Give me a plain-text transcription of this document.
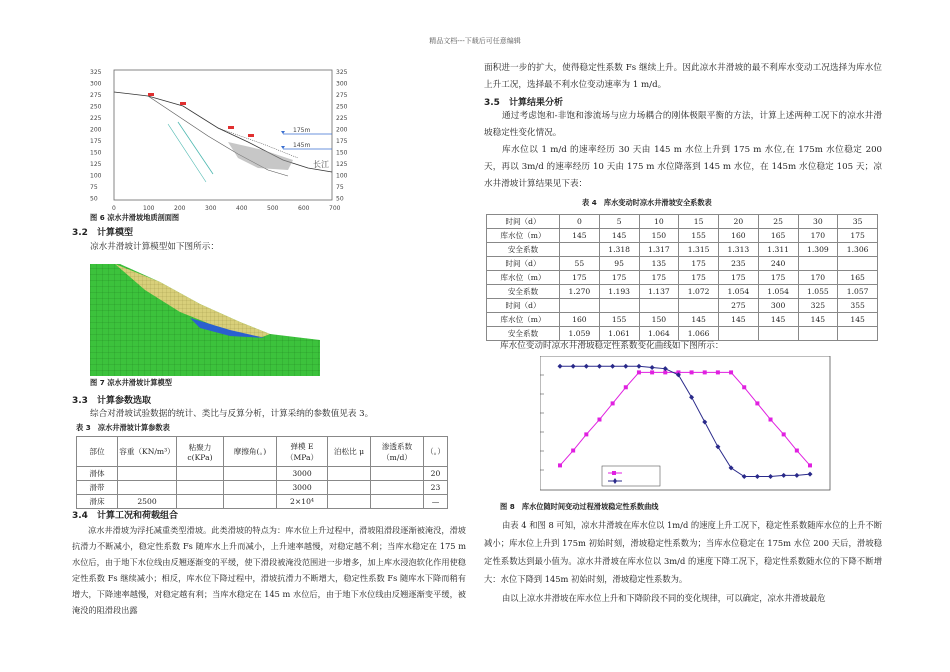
精品文档---下载后可任意编辑
325	325
300	300
275	275
250	250
225	225
200	200
175	175
150	150
125	125
100	100
75	75
50	50
0	100	200	300	400	500	600	700
175m
145m
长江
图 6 凉水井滑坡地质剖面图
3.2　计算模型
凉水井滑坡计算模型如下图所示：
图 7 凉水井滑坡计算模型
3.3　计算参数选取
综合对滑坡试验数据的统计、类比与反算分析，计算采纳的参数值见表 3。
表 3　凉水井滑坡计算参数表
部位	容重（KN/m³）	粘聚力 c(KPa)	摩擦角(。)	弹模 E（MPa）	泊松比 μ	渗透系数（m/d）	（。）
滑体				3000			20
滑带				3000			23
滑床	2500			2×10⁴			—
3.4　计算工况和荷载组合
凉水井滑坡为浮托减重类型滑坡。此类滑坡的特点为：库水位上升过程中，滑坡阻滑段逐渐被淹没，滑坡抗滑力不断减小，稳定性系数 Fs 随库水上升而减小，上升速率越慢，对稳定越不利；当库水稳定在 175 m 水位后，由于地下水位线由反翘逐渐变的平缓，使下滑段被淹没范围进一步增多，加上库水浸泡软化作用使稳定性系数 Fs 继续减小；相反，库水位下降过程中，滑坡抗滑力不断增大，稳定性系数 Fs 随库水下降而稍有增大，下降速率越慢，对稳定越有利；当库水稳定在 145 m 水位后，由于地下水位线由反翘逐渐变平缓，被淹没的阻滑段出露
面积进一步的扩大，使得稳定性系数 Fs 继续上升。因此凉水井滑坡的最不利库水变动工况选择为库水位上升工况，选择最不利水位变动速率为 1 m/d。
3.5　计算结果分析
通过考虑饱和-非饱和渗流场与应力场耦合的刚体极限平衡的方法，计算上述两种工况下的凉水井滑坡稳定性变化情况。
库水位以 1 m/d 的速率经历 30 天由 145 m 水位上升到 175 m 水位,在 175m 水位稳定 200 天，再以 3m/d 的速率经历 10 天由 175 m 水位降落到 145 m 水位，在 145m 水位稳定 105 天；凉水井滑坡计算结果见下表：
表 4　库水变动时凉水井滑坡安全系数表
时间（d）	0	5	10	15	20	25	30	35
库水位（m）	145	145	150	155	160	165	170	175
安全系数		1.318	1.317	1.315	1.313	1.311	1.309	1.306
时间（d）	55	95	135	175	235	240		
库水位（m）	175	175	175	175	175	175	170	165
安全系数	1.270	1.193	1.137	1.072	1.054	1.054	1.055	1.057
时间（d）					275	300	325	355
库水位（m）	160	155	150	145	145	145	145	145
安全系数	1.059	1.061	1.064	1.066				
库水位变动时凉水井滑坡稳定性系数变化曲线如下图所示：
图 8　库水位随时间变动过程滑坡稳定性系数曲线
由表 4 和图 8 可知，凉水井滑坡在库水位以 1m/d 的速度上升工况下，稳定性系数随库水位的上升不断减小；库水位上升到 175m 初始时刻，滑坡稳定性系数为；当库水位稳定在 175m 水位 200 天后，滑坡稳定性系数达到最小值为。凉水井滑坡在库水位以 3m/d 的速度下降工况下，稳定性系数随水位的下降不断增大：水位下降到 145m 初始时刻，滑坡稳定性系数为。
由以上凉水井滑坡在库水位上升和下降阶段不同的变化规律，可以确定，凉水井滑坡最危
